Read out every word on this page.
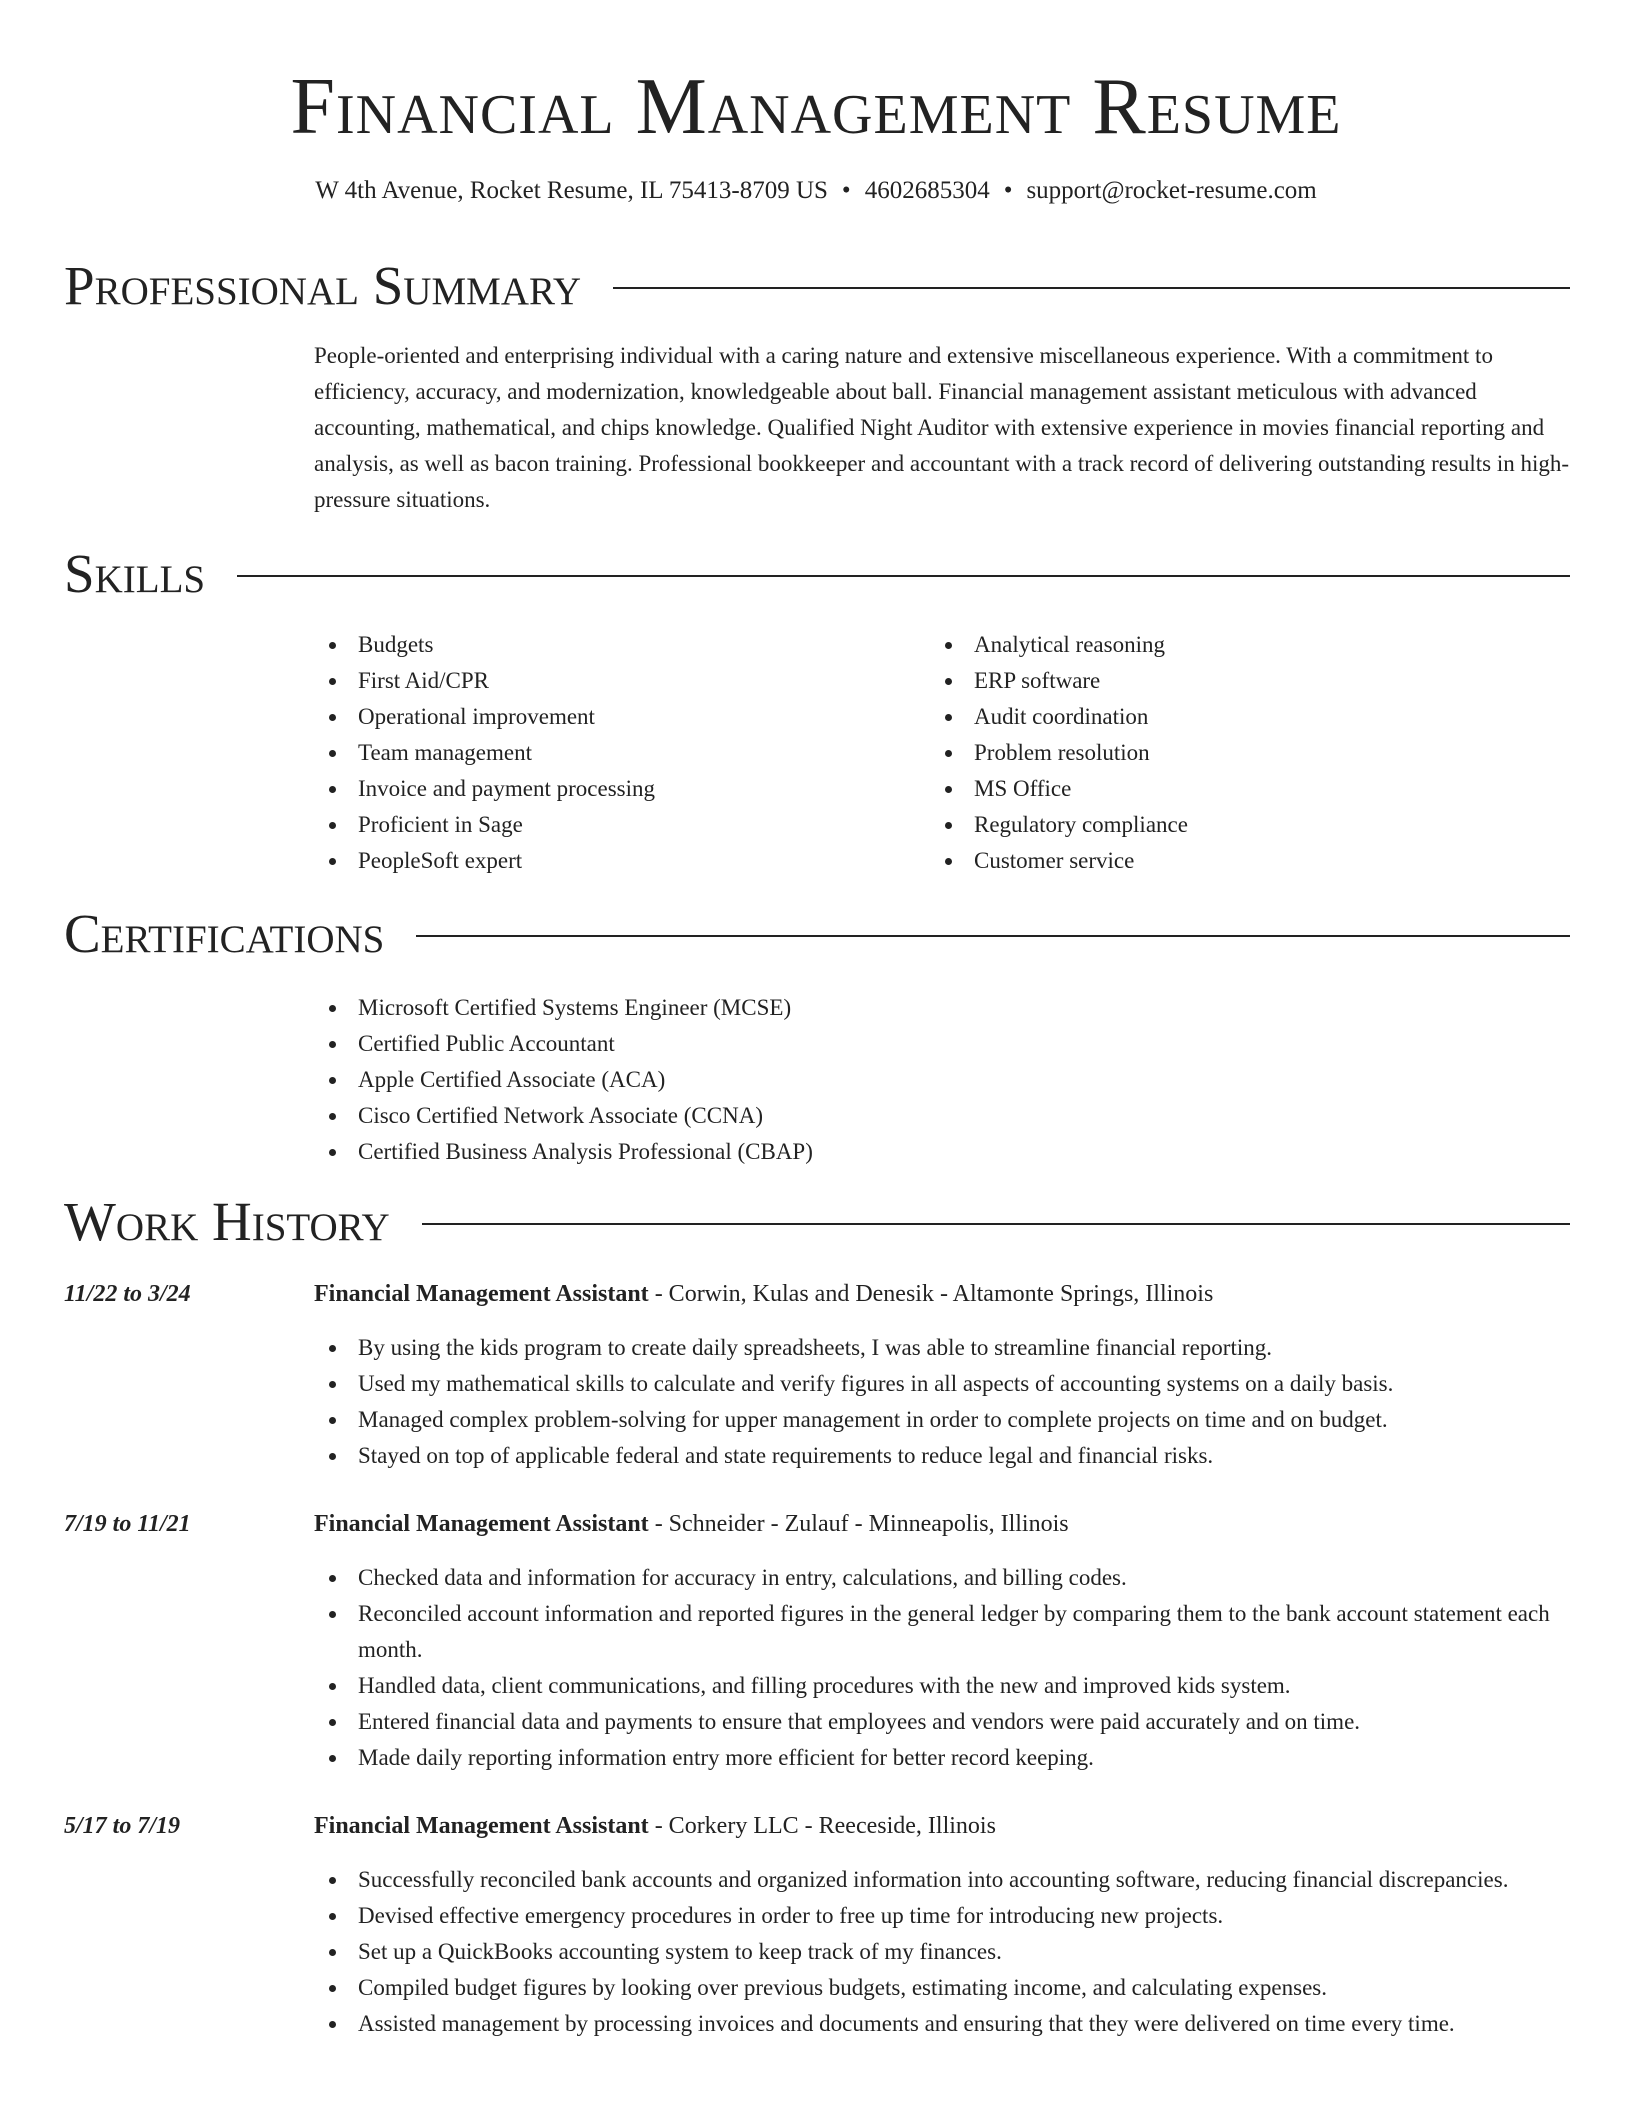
Financial Management Resume
W 4th Avenue, Rocket Resume, IL 75413-8709 US • 4602685304 • support@rocket-resume.com
Professional Summary
People-oriented and enterprising individual with a caring nature and extensive miscellaneous experience. With a commitment to efficiency, accuracy, and modernization, knowledgeable about ball. Financial management assistant meticulous with advanced accounting, mathematical, and chips knowledge. Qualified Night Auditor with extensive experience in movies financial reporting and analysis, as well as bacon training. Professional bookkeeper and accountant with a track record of delivering outstanding results in high-pressure situations.
Skills
Budgets
First Aid/CPR
Operational improvement
Team management
Invoice and payment processing
Proficient in Sage
PeopleSoft expert
Analytical reasoning
ERP software
Audit coordination
Problem resolution
MS Office
Regulatory compliance
Customer service
Certifications
Microsoft Certified Systems Engineer (MCSE)
Certified Public Accountant
Apple Certified Associate (ACA)
Cisco Certified Network Associate (CCNA)
Certified Business Analysis Professional (CBAP)
Work History
11/22 to 3/24	Financial Management Assistant - Corwin, Kulas and Denesik - Altamonte Springs, Illinois
By using the kids program to create daily spreadsheets, I was able to streamline financial reporting.
Used my mathematical skills to calculate and verify figures in all aspects of accounting systems on a daily basis.
Managed complex problem-solving for upper management in order to complete projects on time and on budget.
Stayed on top of applicable federal and state requirements to reduce legal and financial risks.
7/19 to 11/21	Financial Management Assistant - Schneider - Zulauf - Minneapolis, Illinois
Checked data and information for accuracy in entry, calculations, and billing codes.
Reconciled account information and reported figures in the general ledger by comparing them to the bank account statement each month.
Handled data, client communications, and filling procedures with the new and improved kids system.
Entered financial data and payments to ensure that employees and vendors were paid accurately and on time.
Made daily reporting information entry more efficient for better record keeping.
5/17 to 7/19	Financial Management Assistant - Corkery LLC - Reeceside, Illinois
Successfully reconciled bank accounts and organized information into accounting software, reducing financial discrepancies.
Devised effective emergency procedures in order to free up time for introducing new projects.
Set up a QuickBooks accounting system to keep track of my finances.
Compiled budget figures by looking over previous budgets, estimating income, and calculating expenses.
Assisted management by processing invoices and documents and ensuring that they were delivered on time every time.
